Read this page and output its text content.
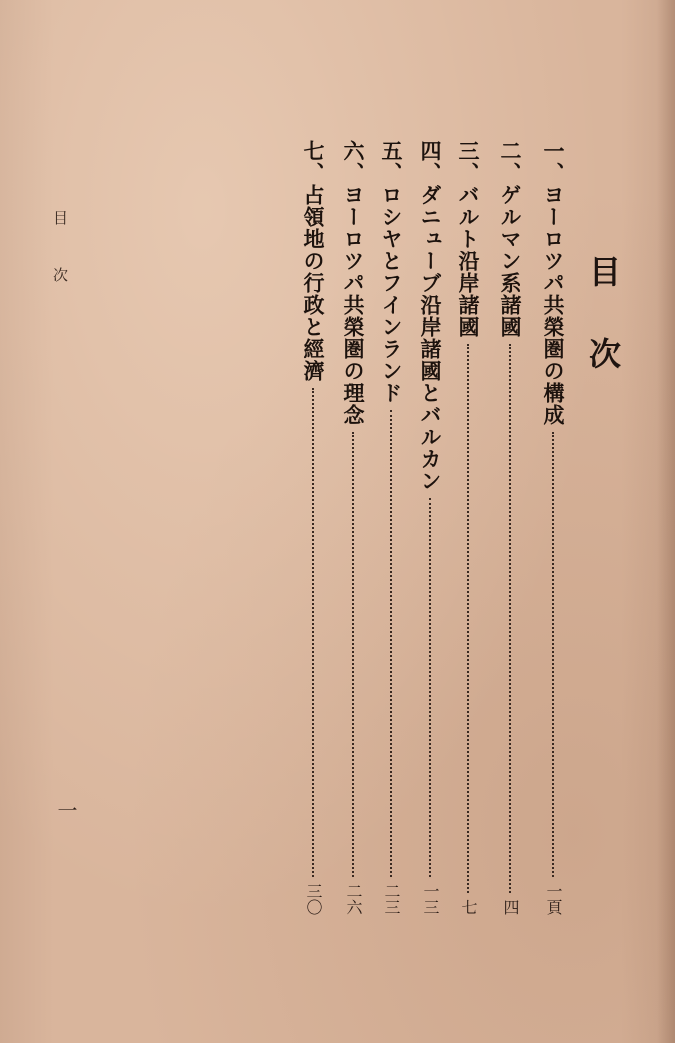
目次	目次
一、ヨーロツパ共榮圏の構成
一頁
二、ゲルマン系諸國
四
三、バルト沿岸諸國
七
四、ダニューブ沿岸諸國とバルカン
一三
五、ロシヤとフインランド
二三
六、ヨーロツパ共榮圏の理念
二六
七、占領地の行政と經濟
三〇
一
